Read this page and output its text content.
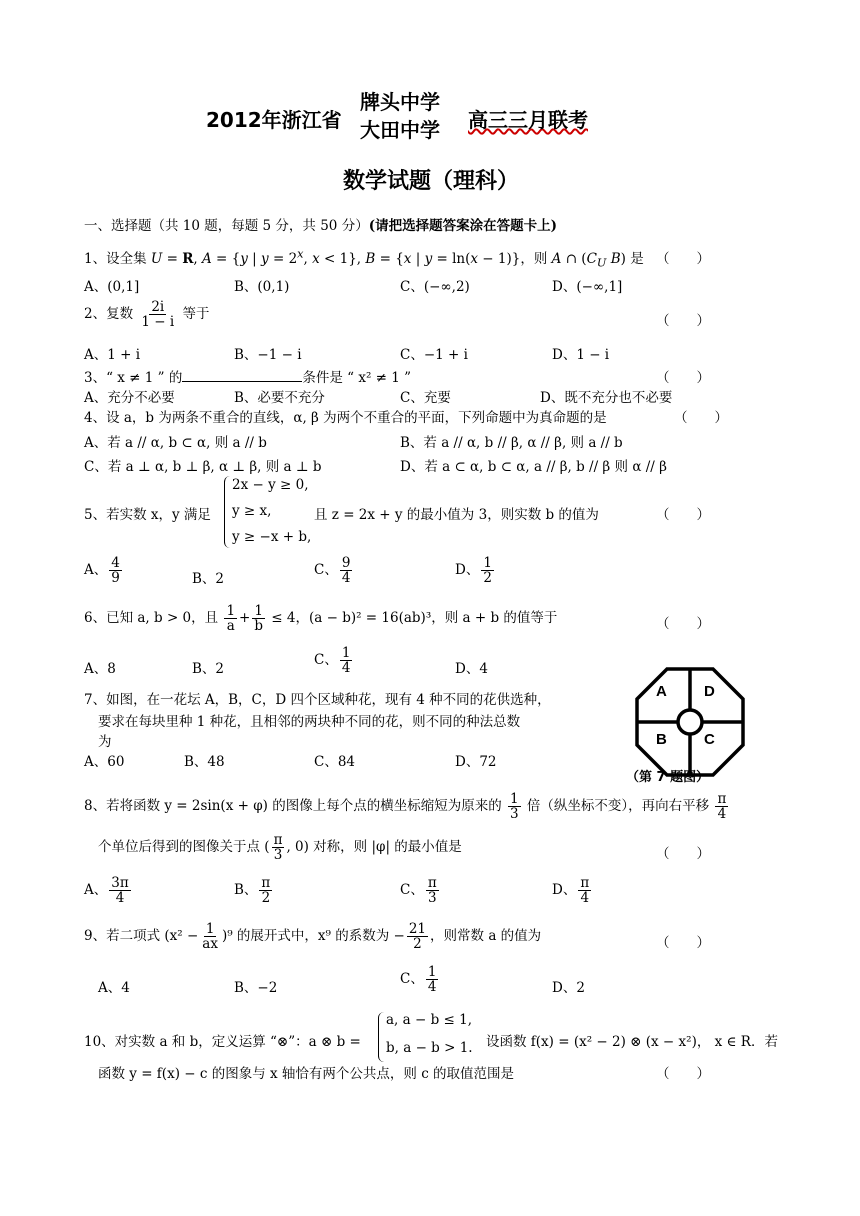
2012年浙江省
牌头中学
大田中学 高三三月联考
数学试题（理科）
一、选择题（共 10 题，每题 5 分，共 50 分）(请把选择题答案涂在答题卡上)
1、设全集 U = R, A = {y | $y = 2^x$, x < 1}, B = {x | y = ln(x − 1)}，则 A ∩ ($C_U$ B) 是 （　　）
A、(0,1]	B、(0,1)	C、(−∞,2)	D、(−∞,1]
2、复数 $\frac{2i}{1 - i}$ 等于	（　　）
A、1 + i	B、−1 − i	C、−1 + i	D、1 − i
3、“ x ≠ 1 ” 的	条件是 “ x² ≠ 1 ”	（　　）
A、充分不必要	B、必要不充分	C、充要	D、既不充分也不必要
4、设 a，b 为两条不重合的直线，α, β 为两个不重合的平面，下列命题中为真命题的是	（　　）
A、若 a // α, b ⊂ α, 则 a // b	B、若 a // α, b // β, α // β, 则 a // b
C、若 a ⊥ α, b ⊥ β, α ⊥ β, 则 a ⊥ b	D、若 a ⊂ α, b ⊂ α, a // β, b // β 则 α // β
5、若实数 x，y 满足
2x − y ≥ 0,
y ≥ x,
y ≥ −x + b,
且 z = 2x + y 的最小值为 3，则实数 b 的值为	（　　）
A、 $\frac{4}{9}$	B、2
C、 $\frac{9}{4}$	D、 $\frac{1}{2}$
6、已知 a, b > 0，且 $\frac{1}{a} + \frac{1}{b} \le 4$，(a − b)² = 16(ab)³，则 a + b 的值等于	（　　）
A、8	B、2
C、 $\frac{1}{4}$	D、4
7、如图，在一花坛 A，B，C，D 四个区域种花，现有 4 种不同的花供选种，
要求在每块里种 1 种花，且相邻的两块种不同的花，则不同的种法总数
为
A、60	B、48	C、84	D、72
A D
B C
（第 7 题图）
8、若将函数 y = 2sin(x + φ) 的图像上每个点的横坐标缩短为原来的 $\frac{1}{3}$ 倍（纵坐标不变），再向右平移 $\frac{\pi}{4}$
个单位后得到的图像关于点 ( $\frac{\pi}{3}$ , 0) 对称，则 |φ| 的最小值是	（　　）
A、 $\frac{3\pi}{4}$	B、 $\frac{\pi}{2}$	C、 $\frac{\pi}{3}$	D、 $\frac{\pi}{4}$
9、若二项式 $(x^2 - \frac{1}{ax} )^9$ 的展开式中，x⁹ 的系数为 − $\frac{21}{2}$ ，则常数 a 的值为	（　　）
A、4	B、−2
C、 $\frac{1}{4}$	D、2
10、对实数 a 和 b，定义运算 “⊗”：a ⊗ b =
a, a − b ≤ 1,
b, a − b > 1. 设函数 f(x) = (x² − 2) ⊗ (x − x²)， x ∈ R．若
函数 y = f(x) − c 的图象与 x 轴恰有两个公共点，则 c 的取值范围是	（　　）
